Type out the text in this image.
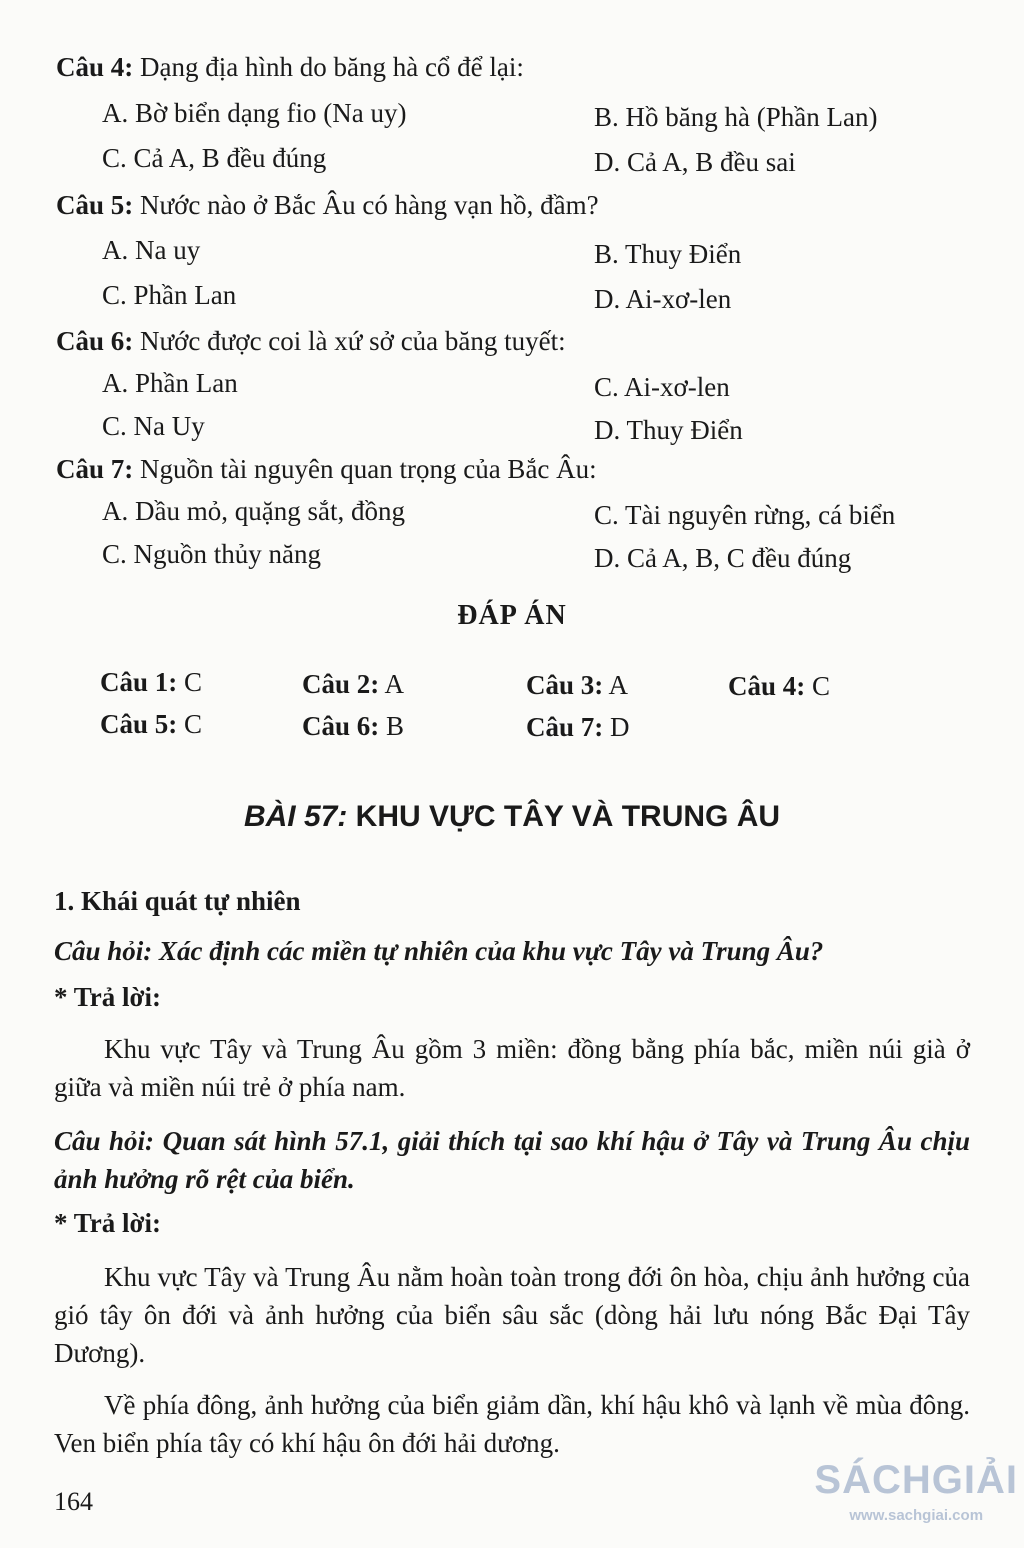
Câu 4: Dạng địa hình do băng hà cổ để lại:
A. Bờ biển dạng fio (Na uy)	B. Hồ băng hà (Phần Lan)
C. Cả A, B đều đúng	D. Cả A, B đều sai
Câu 5: Nước nào ở Bắc Âu có hàng vạn hồ, đầm?
A. Na uy	B. Thuy Điển
C. Phần Lan	D. Ai-xơ-len
Câu 6: Nước được coi là xứ sở của băng tuyết:
A. Phần Lan	C. Ai-xơ-len
C. Na Uy	D. Thuy Điển
Câu 7: Nguồn tài nguyên quan trọng của Bắc Âu:
A. Dầu mỏ, quặng sắt, đồng	C. Tài nguyên rừng, cá biển
C. Nguồn thủy năng	D. Cả A, B, C đều đúng
ĐÁP ÁN
Câu 1: C	Câu 2: A	Câu 3: A	Câu 4: C
Câu 5: C	Câu 6: B	Câu 7: D
BÀI 57: KHU VỰC TÂY VÀ TRUNG ÂU
1. Khái quát tự nhiên
Câu hỏi: Xác định các miền tự nhiên của khu vực Tây và Trung Âu?
* Trả lời:
Khu vực Tây và Trung Âu gồm 3 miền: đồng bằng phía bắc, miền núi già ở giữa và miền núi trẻ ở phía nam.
Câu hỏi: Quan sát hình 57.1, giải thích tại sao khí hậu ở Tây và Trung Âu chịu ảnh hưởng rõ rệt của biển.
* Trả lời:
Khu vực Tây và Trung Âu nằm hoàn toàn trong đới ôn hòa, chịu ảnh hưởng của gió tây ôn đới và ảnh hưởng của biển sâu sắc (dòng hải lưu nóng Bắc Đại Tây Dương).
Về phía đông, ảnh hưởng của biển giảm dần, khí hậu khô và lạnh về mùa đông. Ven biển phía tây có khí hậu ôn đới hải dương.
164	SÁCHGIẢI
www.sachgiai.com
